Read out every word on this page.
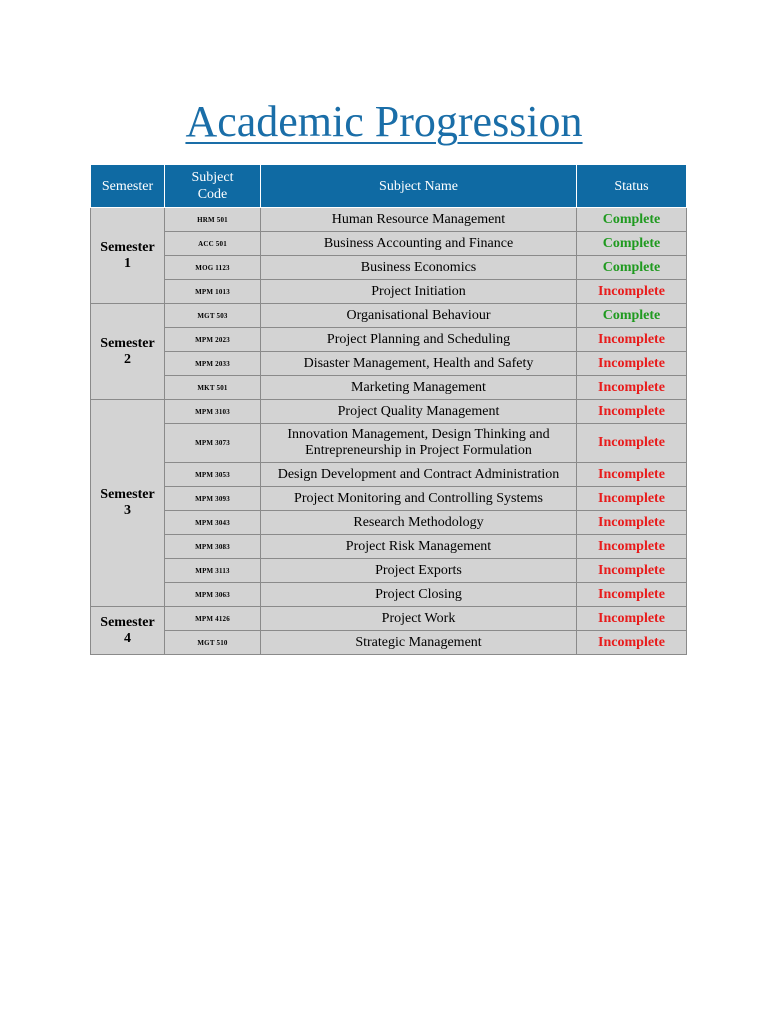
Academic Progression
Semester	Subject
Code	Subject Name	Status
Semester
1	HRM 501	Human Resource Management	Complete
	ACC 501	Business Accounting and Finance	Complete
	MOG 1123	Business Economics	Complete
	MPM 1013	Project Initiation	Incomplete
Semester
2	MGT 503	Organisational Behaviour	Complete
	MPM 2023	Project Planning and Scheduling	Incomplete
	MPM 2033	Disaster Management, Health and Safety	Incomplete
	MKT 501	Marketing Management	Incomplete
Semester
3	MPM 3103	Project Quality Management	Incomplete
	MPM 3073	Innovation Management, Design Thinking and
Entrepreneurship in Project Formulation	Incomplete
	MPM 3053	Design Development and Contract Administration	Incomplete
	MPM 3093	Project Monitoring and Controlling Systems	Incomplete
	MPM 3043	Research Methodology	Incomplete
	MPM 3083	Project Risk Management	Incomplete
	MPM 3113	Project Exports	Incomplete
	MPM 3063	Project Closing	Incomplete
Semester
4	MPM 4126	Project Work	Incomplete
	MGT 510	Strategic Management	Incomplete
